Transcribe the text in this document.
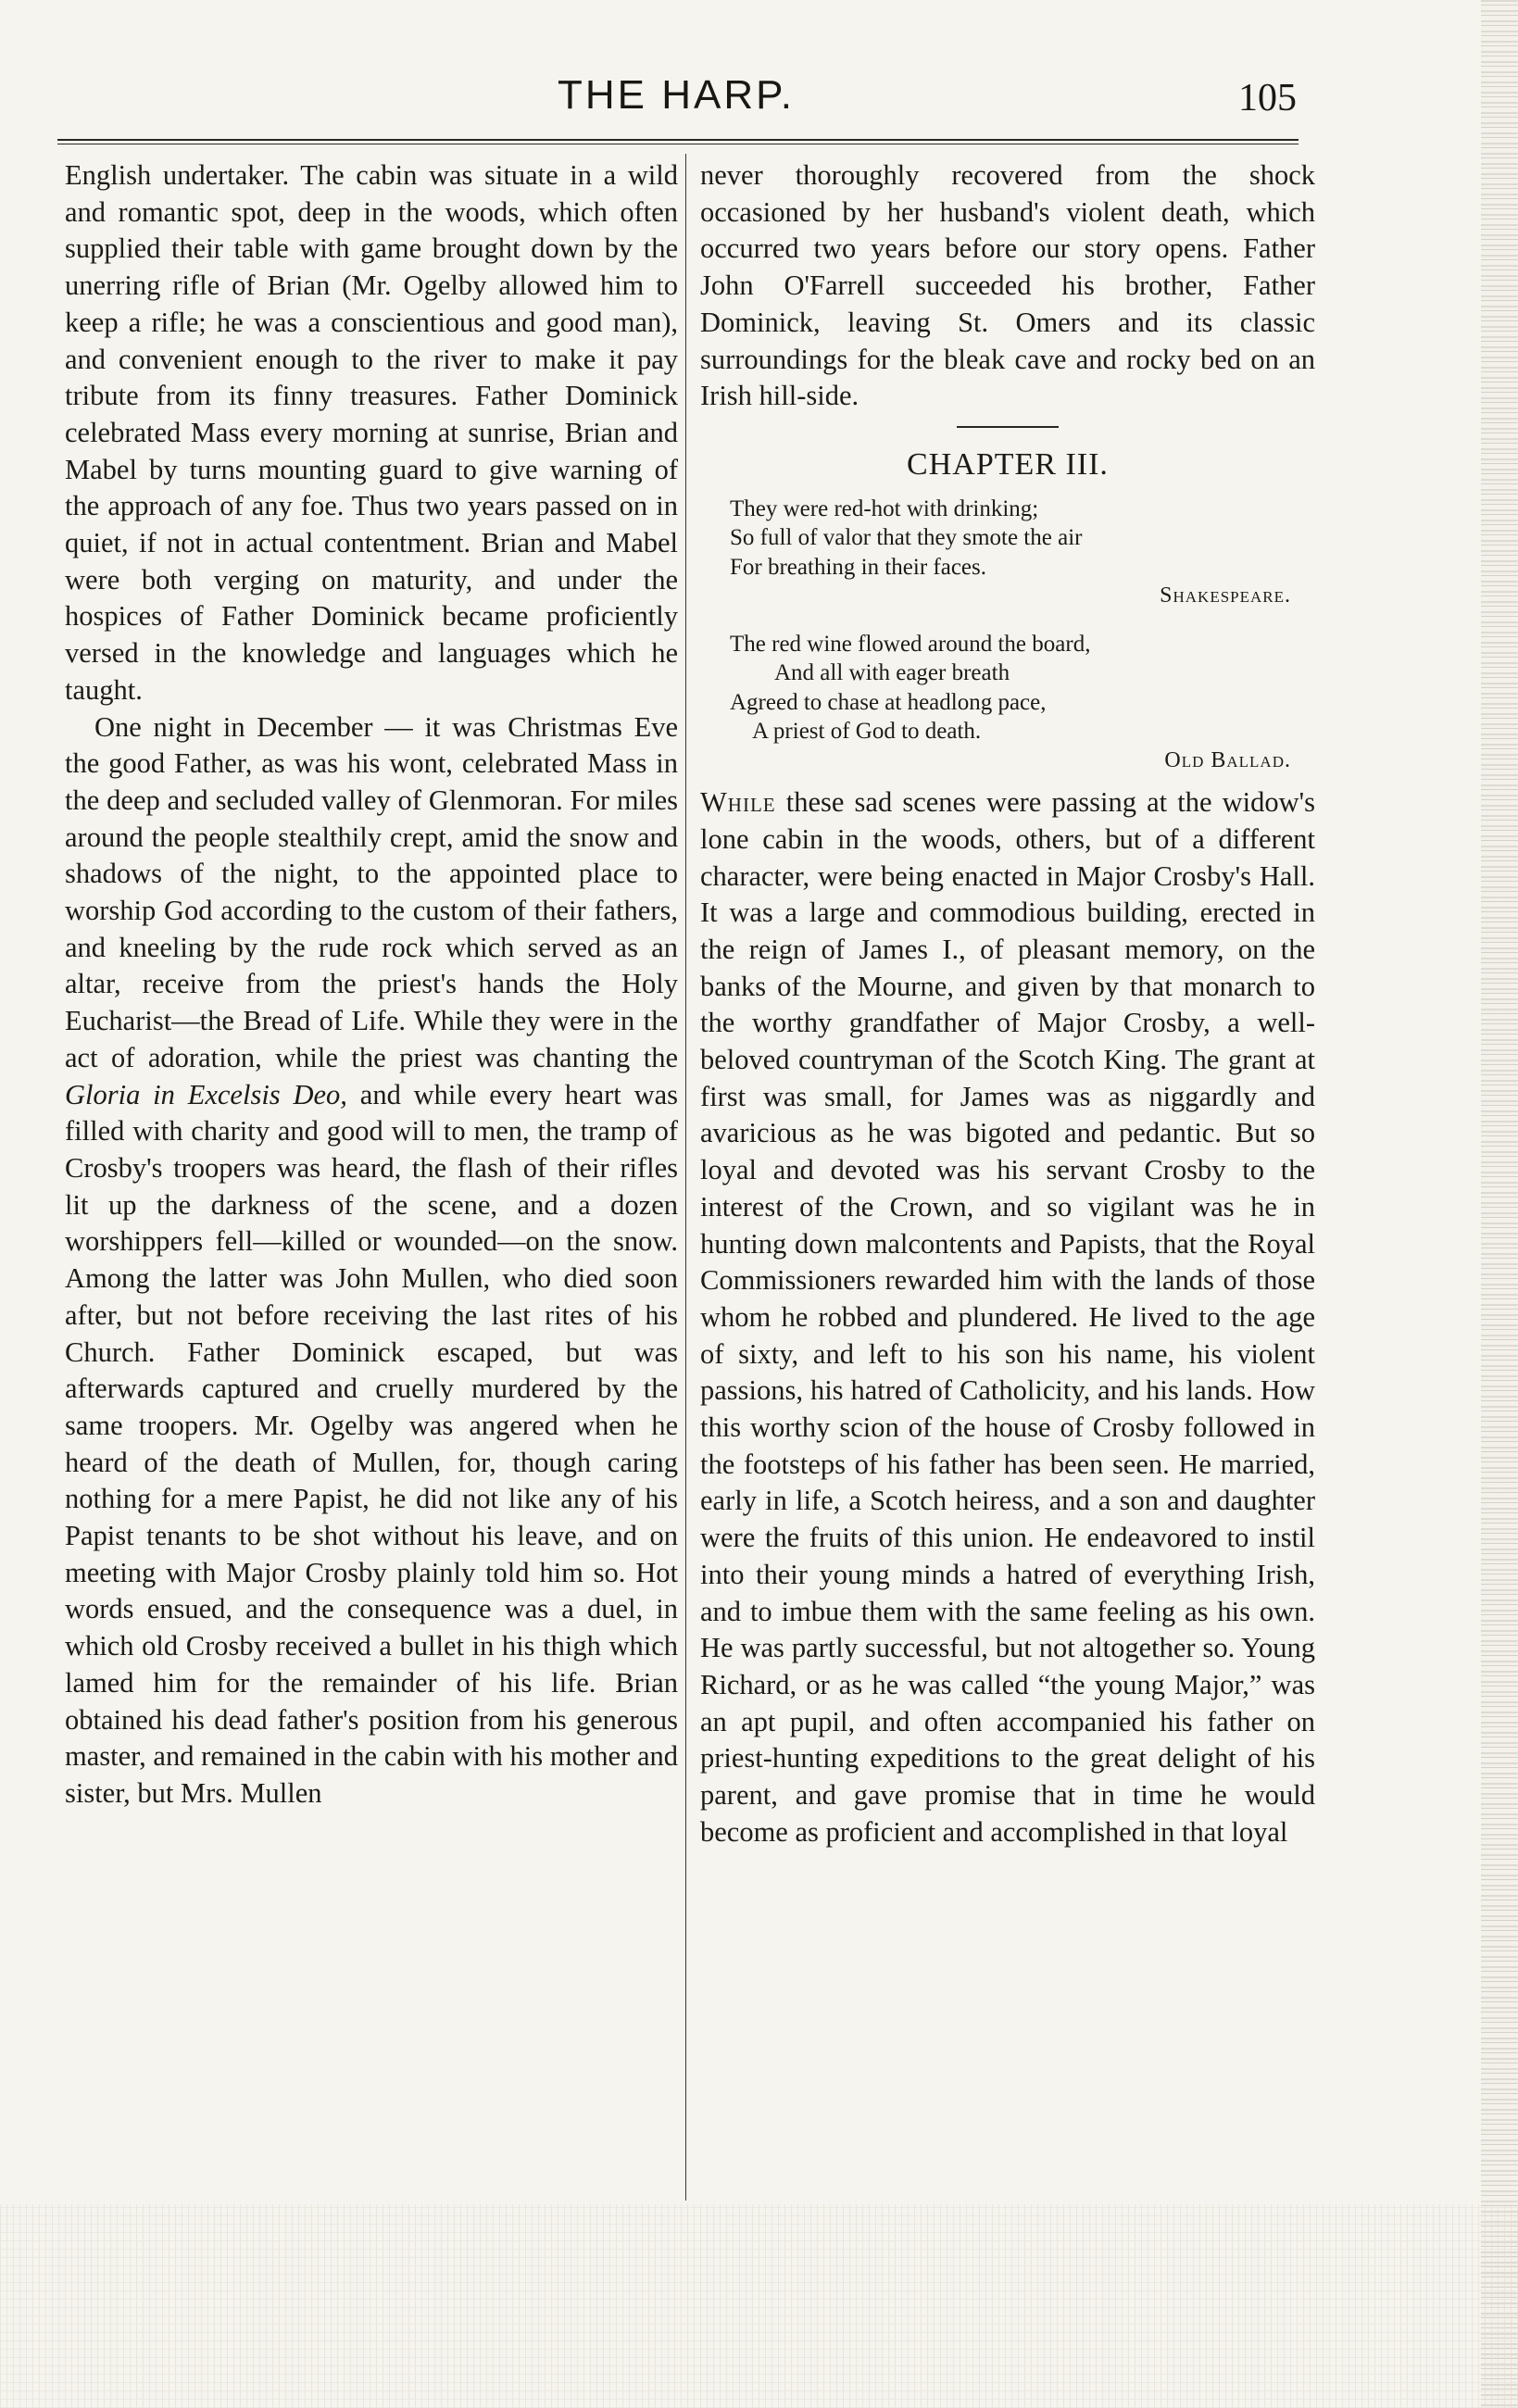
THE HARP.	105

English undertaker. The cabin was situate in a wild and romantic spot, deep in the woods, which often supplied their table with game brought down by the unerring rifle of Brian (Mr. Ogelby allowed him to keep a rifle; he was a conscientious and good man), and convenient enough to the river to make it pay tribute from its finny treasures. Father Dominick celebrated Mass every morning at sunrise, Brian and Mabel by turns mounting guard to give warning of the approach of any foe. Thus two years passed on in quiet, if not in actual contentment. Brian and Mabel were both verging on maturity, and under the hospices of Father Dominick became proficiently versed in the knowledge and languages which he taught.

One night in December — it was Christmas Eve the good Father, as was his wont, celebrated Mass in the deep and secluded valley of Glenmoran. For miles around the people stealthily crept, amid the snow and shadows of the night, to the appointed place to worship God according to the custom of their fathers, and kneeling by the rude rock which served as an altar, receive from the priest's hands the Holy Eucharist—the Bread of Life. While they were in the act of adoration, while the priest was chanting the Gloria in Excelsis Deo, and while every heart was filled with charity and good will to men, the tramp of Crosby's troopers was heard, the flash of their rifles lit up the darkness of the scene, and a dozen worshippers fell—killed or wounded—on the snow. Among the latter was John Mullen, who died soon after, but not before receiving the last rites of his Church. Father Dominick escaped, but was afterwards captured and cruelly murdered by the same troopers. Mr. Ogelby was angered when he heard of the death of Mullen, for, though caring nothing for a mere Papist, he did not like any of his Papist tenants to be shot without his leave, and on meeting with Major Crosby plainly told him so. Hot words ensued, and the consequence was a duel, in which old Crosby received a bullet in his thigh which lamed him for the remainder of his life. Brian obtained his dead father's position from his generous master, and remained in the cabin with his mother and sister, but Mrs. Mullen

never thoroughly recovered from the shock occasioned by her husband's violent death, which occurred two years before our story opens. Father John O'Farrell succeeded his brother, Father Dominick, leaving St. Omers and its classic surroundings for the bleak cave and rocky bed on an Irish hill-side.

CHAPTER III.
They were red-hot with drinking;
So full of valor that they smote the air
For breathing in their faces.
Shakespeare.
The red wine flowed around the board,
And all with eager breath
Agreed to chase at headlong pace,
A priest of God to death.
Old Ballad.

While these sad scenes were passing at the widow's lone cabin in the woods, others, but of a different character, were being enacted in Major Crosby's Hall. It was a large and commodious building, erected in the reign of James I., of pleasant memory, on the banks of the Mourne, and given by that monarch to the worthy grandfather of Major Crosby, a well-beloved countryman of the Scotch King. The grant at first was small, for James was as niggardly and avaricious as he was bigoted and pedantic. But so loyal and devoted was his servant Crosby to the interest of the Crown, and so vigilant was he in hunting down malcontents and Papists, that the Royal Commissioners rewarded him with the lands of those whom he robbed and plundered. He lived to the age of sixty, and left to his son his name, his violent passions, his hatred of Catholicity, and his lands. How this worthy scion of the house of Crosby followed in the footsteps of his father has been seen. He married, early in life, a Scotch heiress, and a son and daughter were the fruits of this union. He endeavored to instil into their young minds a hatred of everything Irish, and to imbue them with the same feeling as his own. He was partly successful, but not altogether so. Young Richard, or as he was called “the young Major,” was an apt pupil, and often accompanied his father on priest-hunting expeditions to the great delight of his parent, and gave promise that in time he would become as proficient and accomplished in that loyal
